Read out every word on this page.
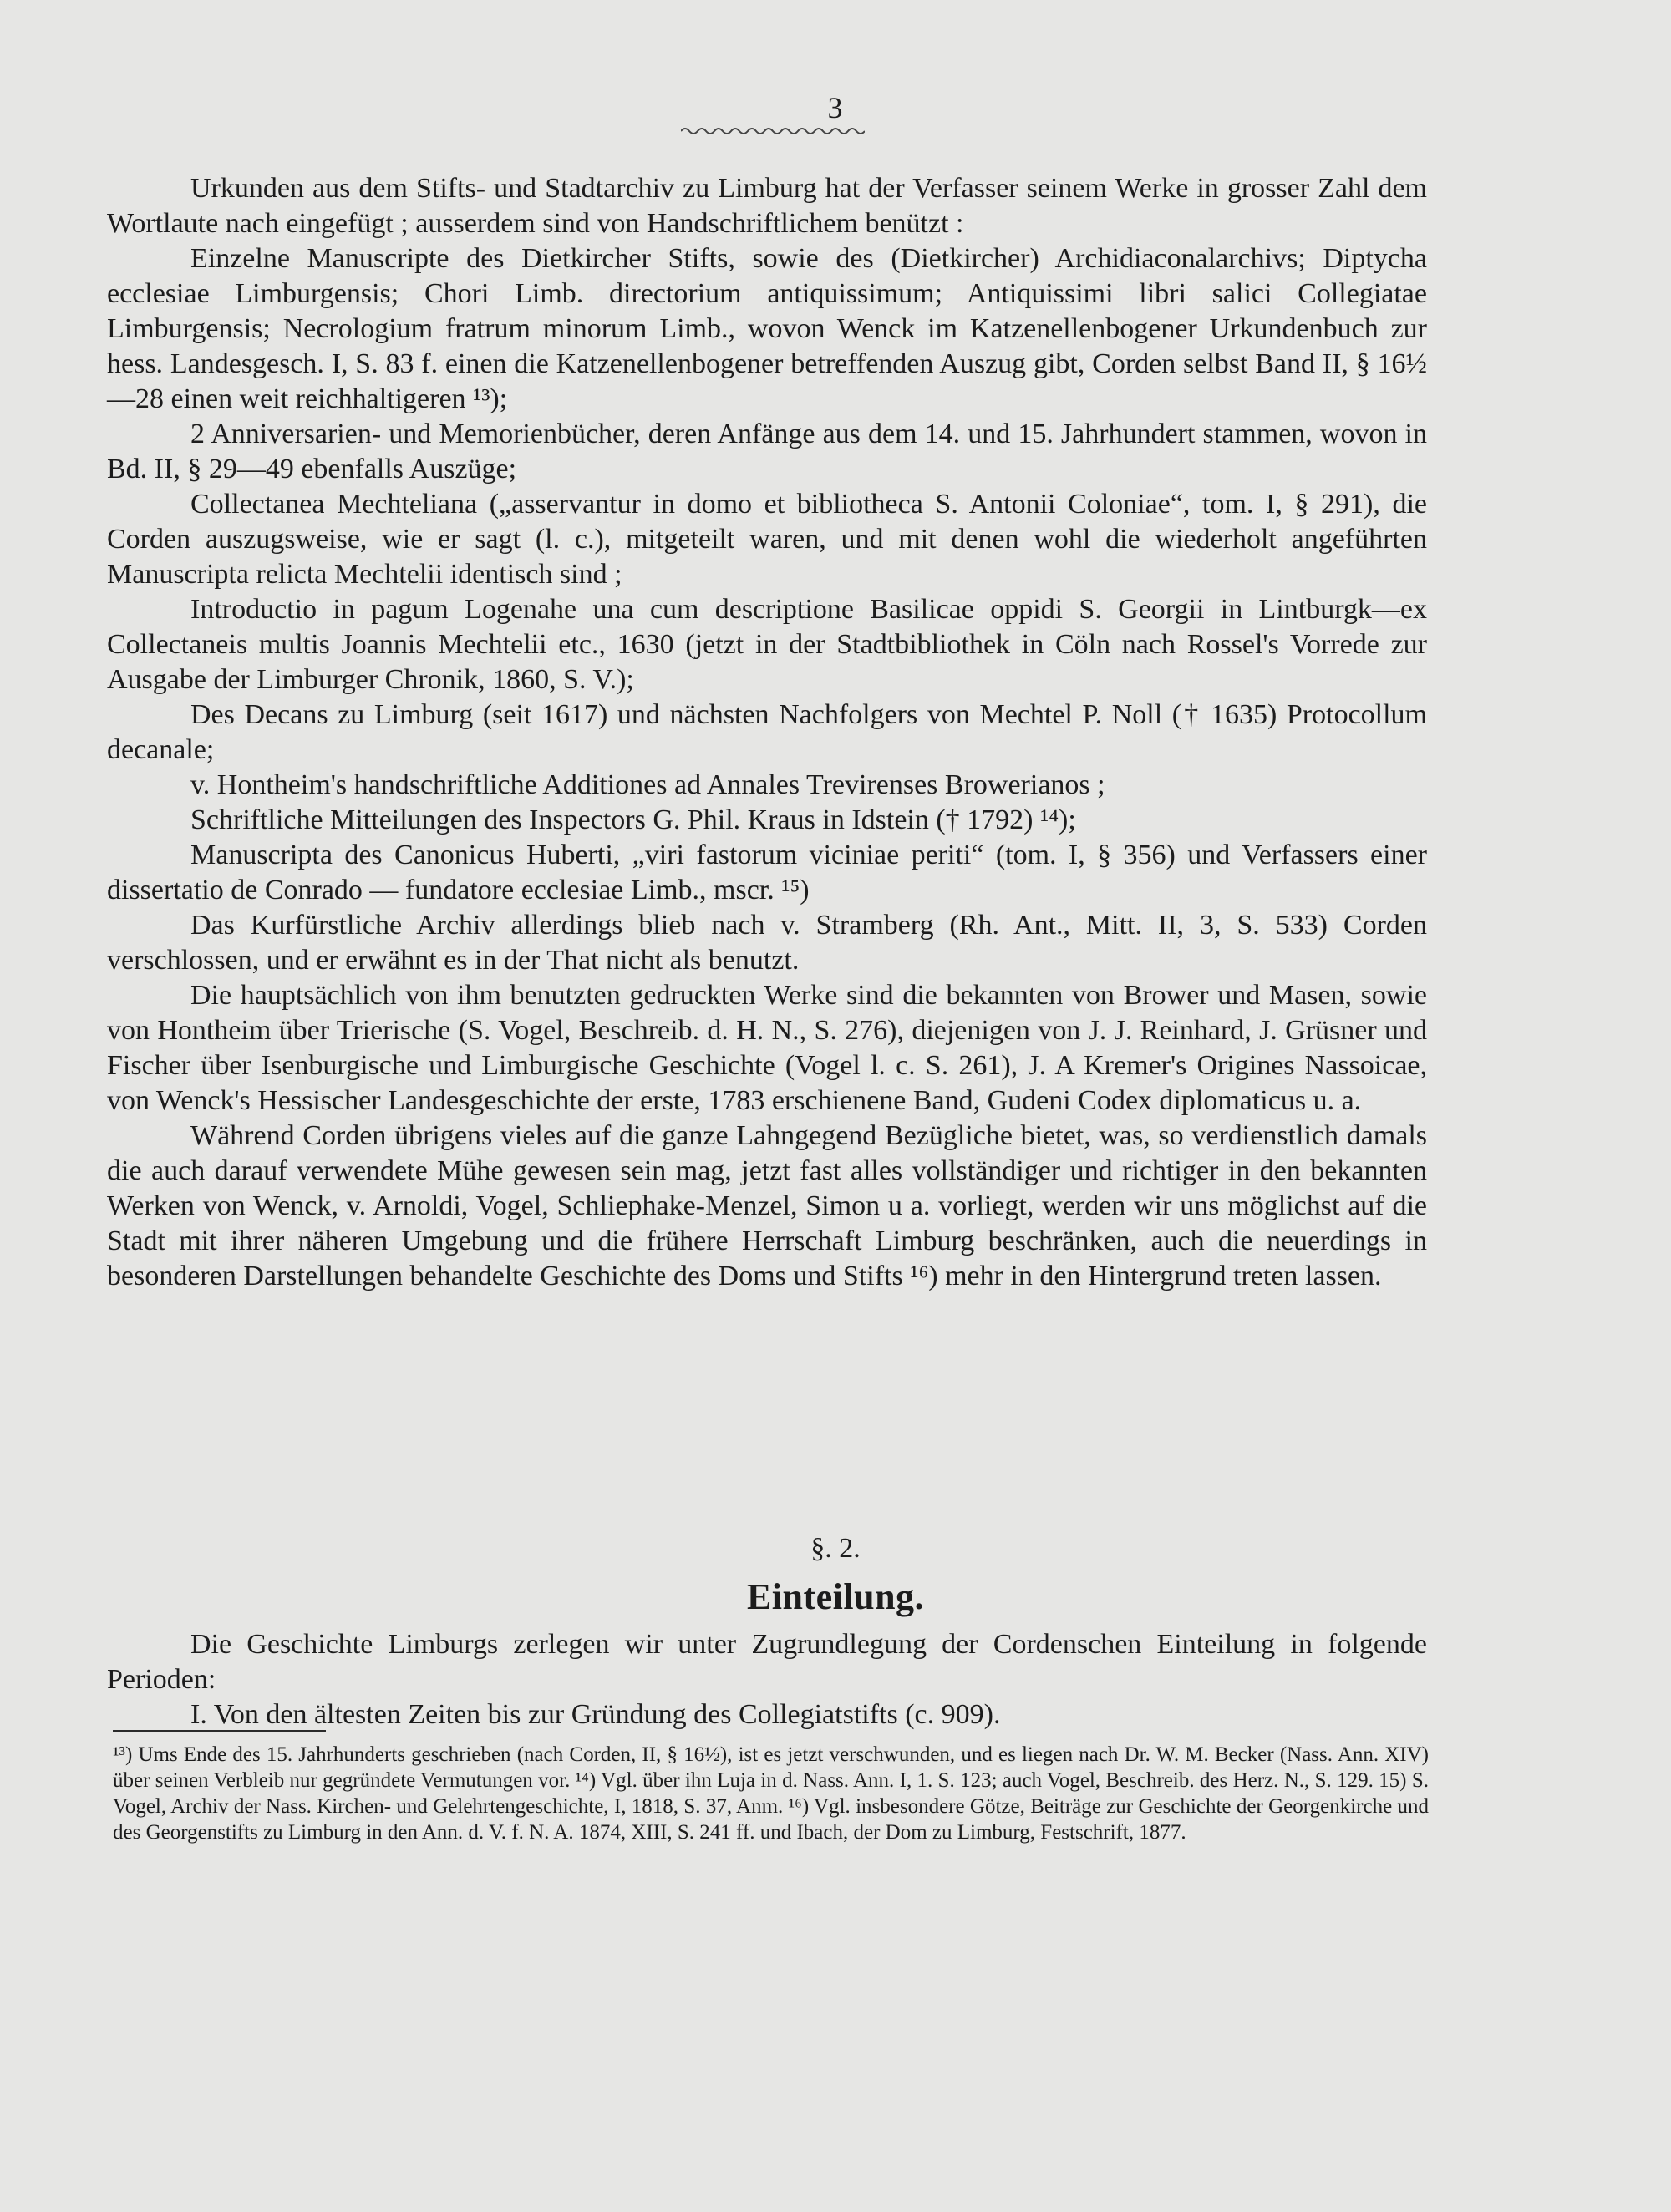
3

Urkunden aus dem Stifts- und Stadtarchiv zu Limburg hat der Verfasser seinem Werke in grosser Zahl dem Wortlaute nach eingefügt ; ausserdem sind von Handschriftlichem benützt :

Einzelne Manuscripte des Dietkircher Stifts, sowie des (Dietkircher) Archidiaconalarchivs; Diptycha ecclesiae Limburgensis; Chori Limb. directorium antiquissimum; Antiquissimi libri salici Collegiatae Limburgensis; Necrologium fratrum minorum Limb., wovon Wenck im Katzenellenbogener Urkundenbuch zur hess. Landesgesch. I, S. 83 f. einen die Katzenellenbogener betreffenden Auszug gibt, Corden selbst Band II, § 16½—28 einen weit reichhaltigeren ¹³);

2 Anniversarien- und Memorienbücher, deren Anfänge aus dem 14. und 15. Jahrhundert stammen, wovon in Bd. II, § 29—49 ebenfalls Auszüge;

Collectanea Mechteliana („asservantur in domo et bibliotheca S. Antonii Coloniae“, tom. I, § 291), die Corden auszugsweise, wie er sagt (l. c.), mitgeteilt waren, und mit denen wohl die wiederholt angeführten Manuscripta relicta Mechtelii identisch sind ;

Introductio in pagum Logenahe una cum descriptione Basilicae oppidi S. Georgii in Lintburgk—ex Collectaneis multis Joannis Mechtelii etc., 1630 (jetzt in der Stadtbibliothek in Cöln nach Rossel's Vorrede zur Ausgabe der Limburger Chronik, 1860, S. V.);

Des Decans zu Limburg (seit 1617) und nächsten Nachfolgers von Mechtel P. Noll († 1635) Protocollum decanale;

v. Hontheim's handschriftliche Additiones ad Annales Trevirenses Browerianos ;

Schriftliche Mitteilungen des Inspectors G. Phil. Kraus in Idstein († 1792) ¹⁴);

Manuscripta des Canonicus Huberti, „viri fastorum viciniae periti“ (tom. I, § 356) und Verfassers einer dissertatio de Conrado — fundatore ecclesiae Limb., mscr. ¹⁵)

Das Kurfürstliche Archiv allerdings blieb nach v. Stramberg (Rh. Ant., Mitt. II, 3, S. 533) Corden verschlossen, und er erwähnt es in der That nicht als benutzt.

Die hauptsächlich von ihm benutzten gedruckten Werke sind die bekannten von Brower und Masen, sowie von Hontheim über Trierische (S. Vogel, Beschreib. d. H. N., S. 276), diejenigen von J. J. Reinhard, J. Grüsner und Fischer über Isenburgische und Limburgische Geschichte (Vogel l. c. S. 261), J. A Kremer's Origines Nassoicae, von Wenck's Hessischer Landesgeschichte der erste, 1783 erschienene Band, Gudeni Codex diplomaticus u. a.

Während Corden übrigens vieles auf die ganze Lahngegend Bezügliche bietet, was, so verdienstlich damals die auch darauf verwendete Mühe gewesen sein mag, jetzt fast alles vollständiger und richtiger in den bekannten Werken von Wenck, v. Arnoldi, Vogel, Schliephake-Menzel, Simon u a. vorliegt, werden wir uns möglichst auf die Stadt mit ihrer näheren Umgebung und die frühere Herrschaft Limburg beschränken, auch die neuerdings in besonderen Darstellungen behandelte Geschichte des Doms und Stifts ¹⁶) mehr in den Hintergrund treten lassen.

§. 2.
Einteilung.

Die Geschichte Limburgs zerlegen wir unter Zugrundlegung der Cordenschen Einteilung in folgende Perioden:

I. Von den ältesten Zeiten bis zur Gründung des Collegiatstifts (c. 909).

¹³) Ums Ende des 15. Jahrhunderts geschrieben (nach Corden, II, § 16½), ist es jetzt verschwunden, und es liegen nach Dr. W. M. Becker (Nass. Ann. XIV) über seinen Verbleib nur gegründete Vermutungen vor. ¹⁴) Vgl. über ihn Luja in d. Nass. Ann. I, 1. S. 123; auch Vogel, Beschreib. des Herz. N., S. 129. 15) S. Vogel, Archiv der Nass. Kirchen- und Gelehrtengeschichte, I, 1818, S. 37, Anm. ¹⁶) Vgl. insbesondere Götze, Beiträge zur Geschichte der Georgenkirche und des Georgenstifts zu Limburg in den Ann. d. V. f. N. A. 1874, XIII, S. 241 ff. und Ibach, der Dom zu Limburg, Festschrift, 1877.
